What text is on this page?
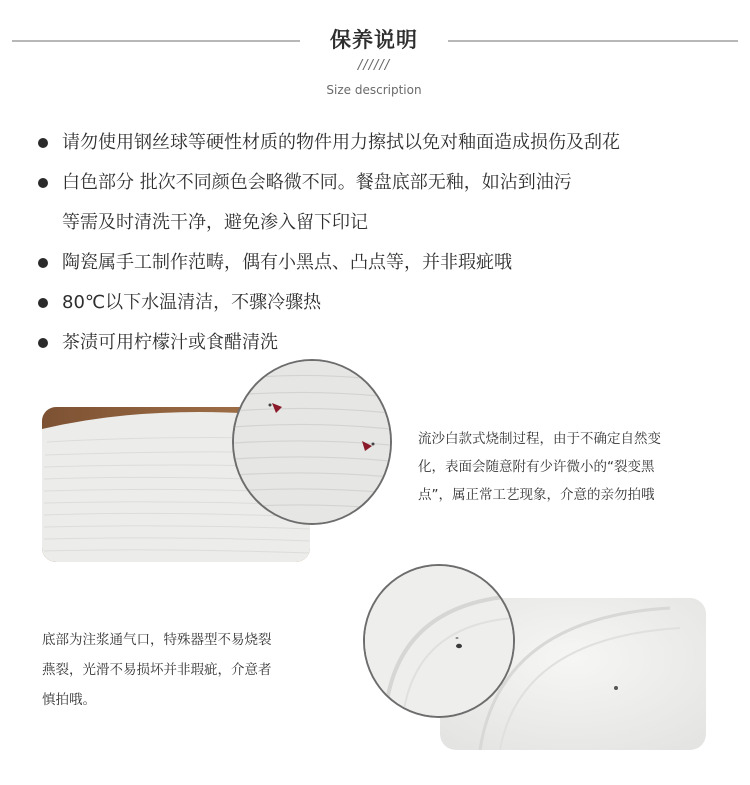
保养说明
//////
Size description
请勿使用钢丝球等硬性材质的物件用力擦拭以免对釉面造成损伤及刮花
白色部分 批次不同颜色会略微不同。餐盘底部无釉，如沾到油污
等需及时清洗干净，避免渗入留下印记
陶瓷属手工制作范畴，偶有小黑点、凸点等，并非瑕疵哦
80℃以下水温清洁，不骤冷骤热
茶渍可用柠檬汁或食醋清洗
流沙白款式烧制过程，由于不确定自然变
化，表面会随意附有少许微小的“裂变黑
点”，属正常工艺现象，介意的亲勿拍哦
底部为注浆通气口，特殊器型不易烧裂
燕裂，光滑不易损坏并非瑕疵，介意者
慎拍哦。
